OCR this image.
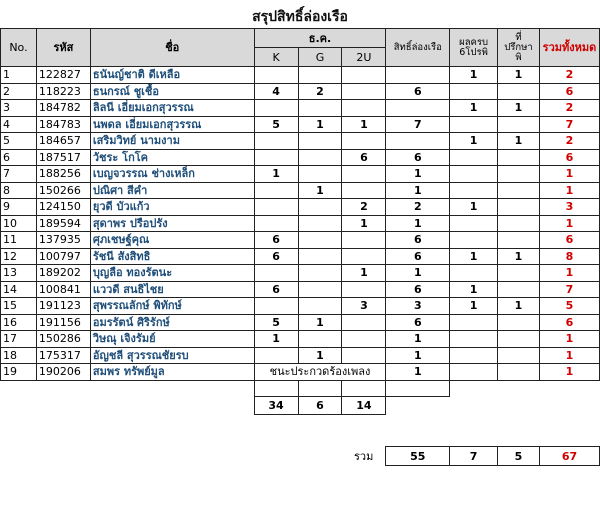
สรุปสิทธิ์ล่องเรือ
No.	รหัส	ชื่อ	ธ.ค.			สิทธิ์ล่องเรือ	ผลครบ 6โปรพิ	ที่ ปรึกษา พิ	รวมทั้งหมด
			K	G	2U				
1	122827	ธนันญ์ชาติ ดีเหลือ					1	1	2
2	118223	ธนกรณ์ ชูเชื้อ	4	2		6			6
3	184782	ลิลนี เอี่ยมเอกสุวรรณ					1	1	2
4	184783	นพดล เอี่ยมเอกสุวรรณ	5	1	1	7			7
5	184657	เสริมวิทย์ นามงาม					1	1	2
6	187517	วัชระ โกโค			6	6			6
7	188256	เบญจวรรณ ช่างเหล็ก	1			1			1
8	150266	ปณิศา สีคำ		1		1			1
9	124150	ยุวดี บัวแก้ว			2	2	1		3
10	189594	สุดาพร ปรือปรัง			1	1			1
11	137935	ศุภเชษฐ์คุณ	6			6			6
12	100797	รัชนี สังสิทธิ	6			6	1	1	8
13	189202	บุญลือ ทองรัตนะ			1	1			1
14	100841	แววดี สนธิไชย	6			6	1		7
15	191123	สุพรรณลักษ์ พิทักษ์			3	3	1	1	5
16	191156	อมรรัตน์ ศิริรักษ์	5	1		6			6
17	150286	วิษณุ เจิงรัมย์	1			1			1
18	175317	อัญชลี สุวรรณชัยรบ		1		1			1
19	190206	สมพร ทรัพย์มูล	ชนะประกวดร้องเพลง			1			1

			34	6	14				

					รวม	55	7	5	67
